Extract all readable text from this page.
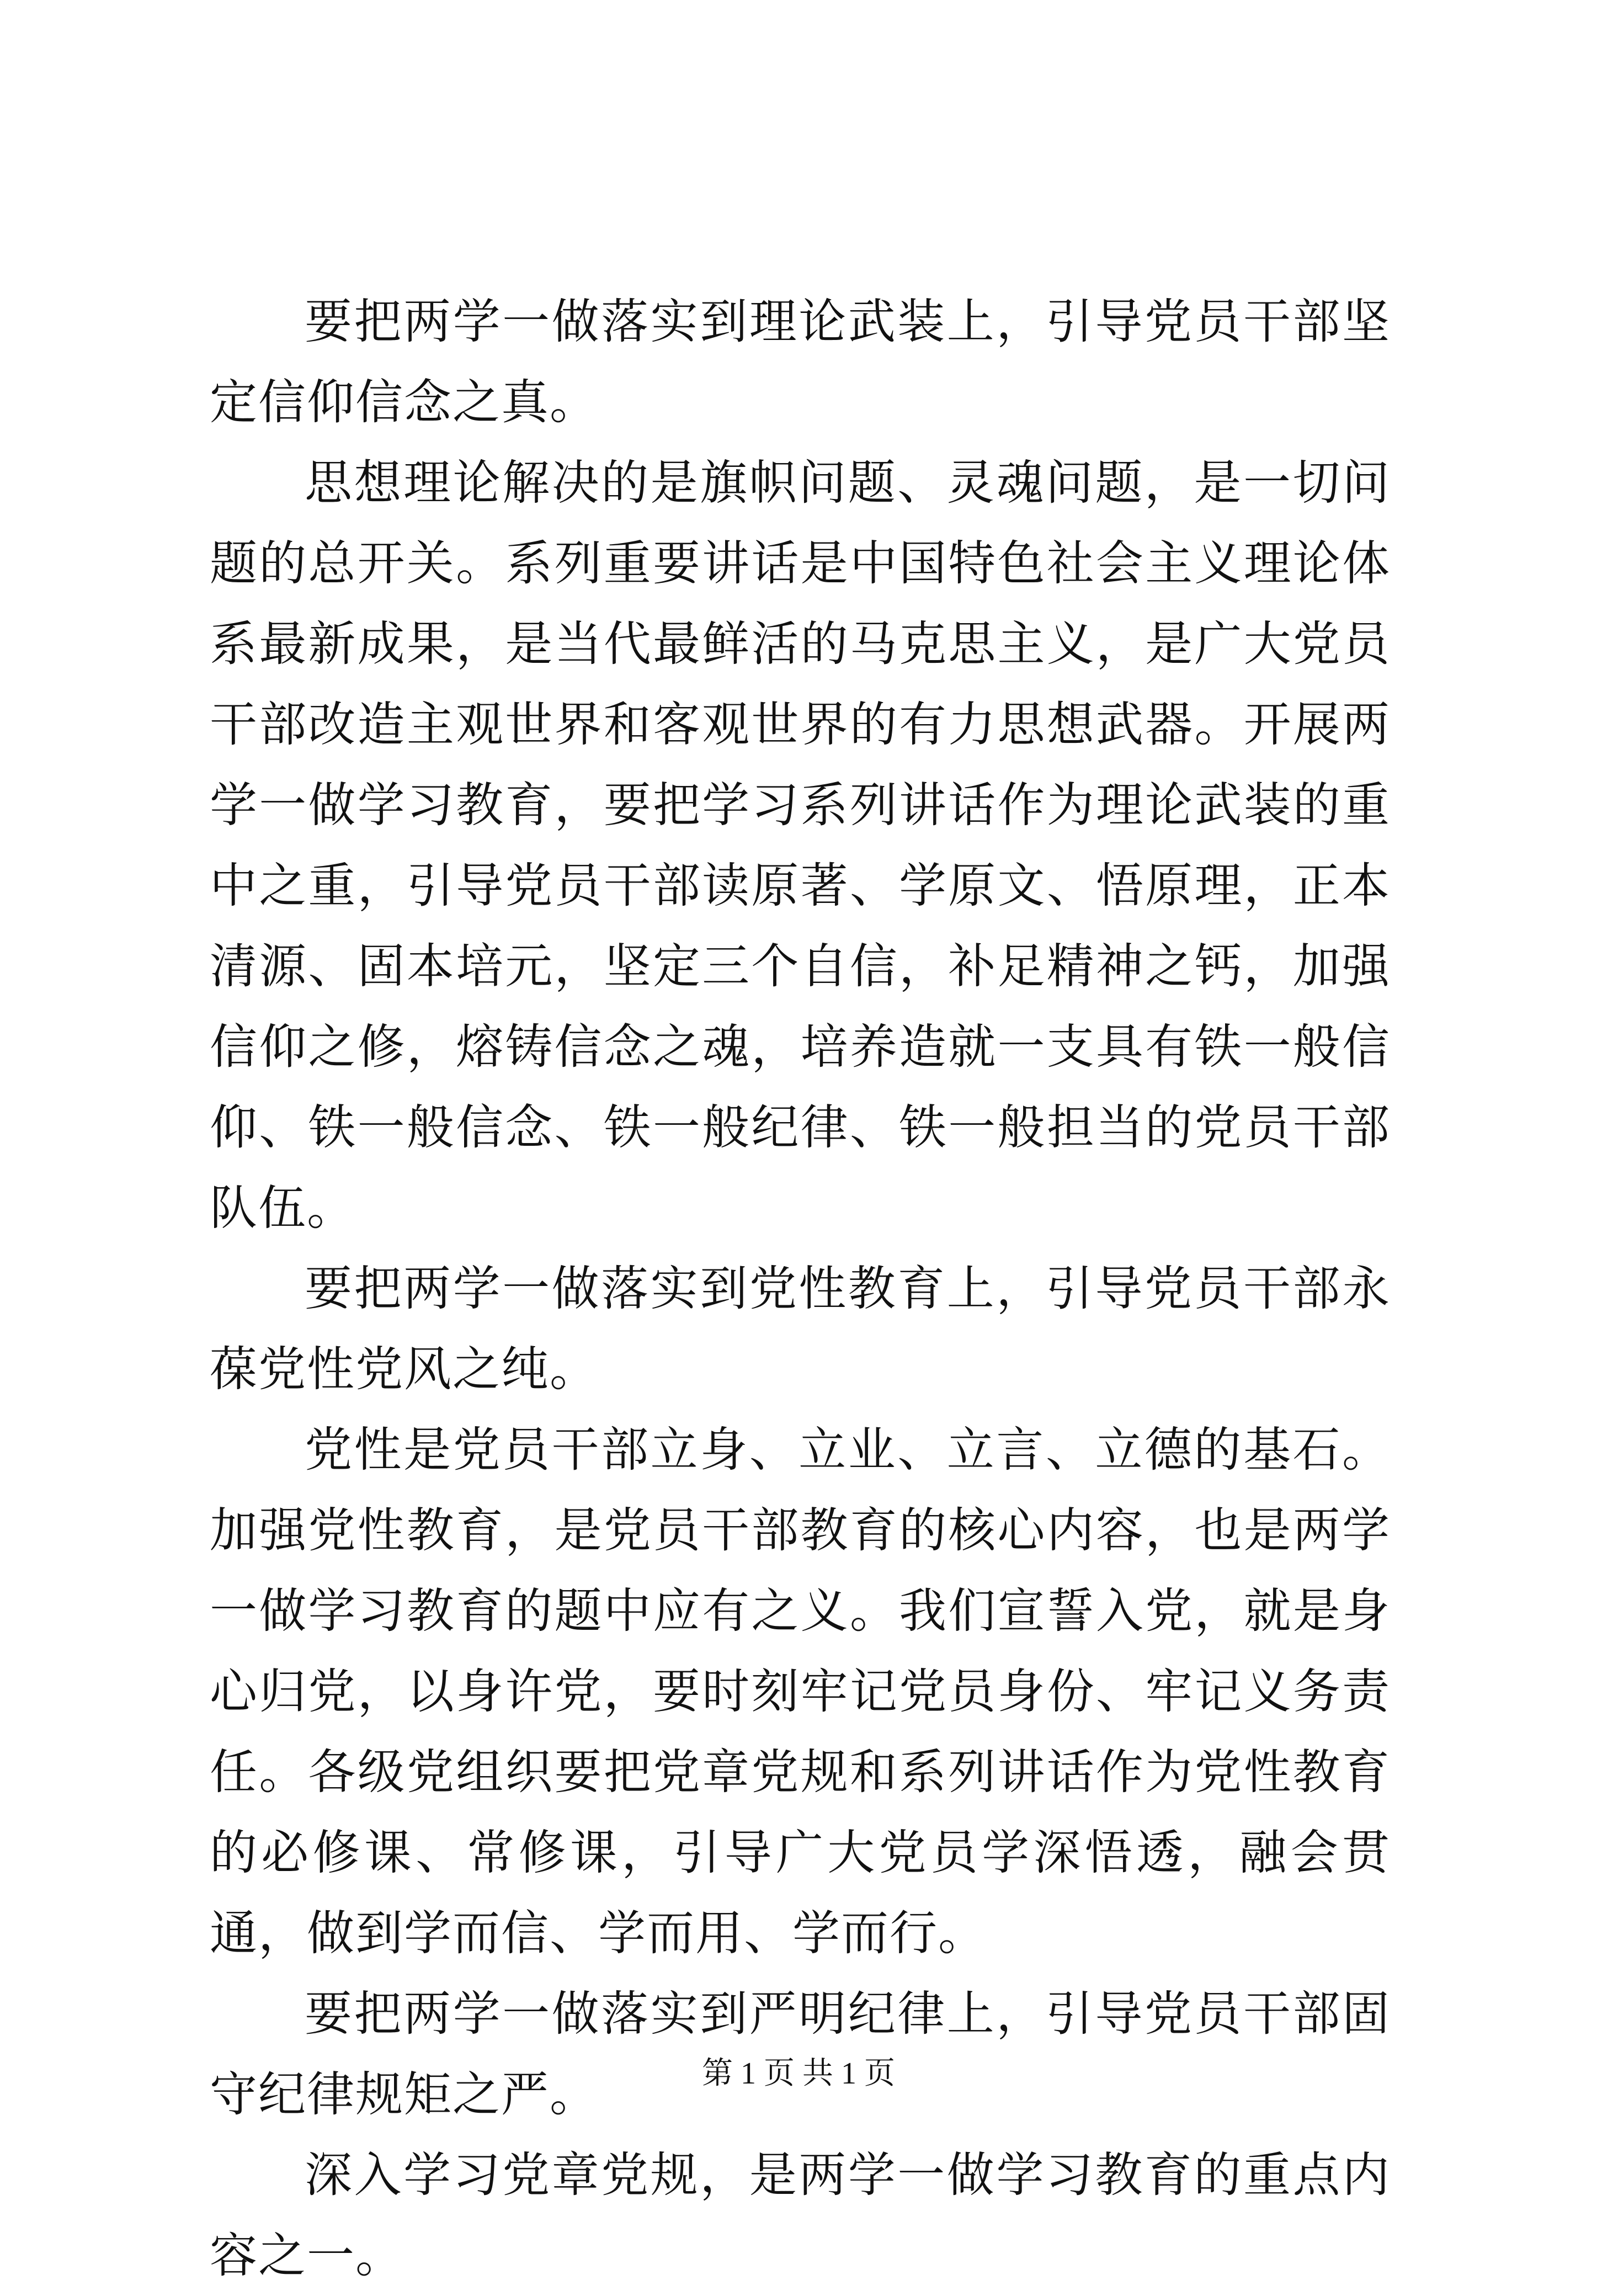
要把两学一做落实到理论武装上，引导党员干部坚定信仰信念之真。

思想理论解决的是旗帜问题、灵魂问题，是一切问题的总开关。系列重要讲话是中国特色社会主义理论体系最新成果，是当代最鲜活的马克思主义，是广大党员干部改造主观世界和客观世界的有力思想武器。开展两学一做学习教育，要把学习系列讲话作为理论武装的重中之重，引导党员干部读原著、学原文、悟原理，正本清源、固本培元，坚定三个自信，补足精神之钙，加强信仰之修，熔铸信念之魂，培养造就一支具有铁一般信仰、铁一般信念、铁一般纪律、铁一般担当的党员干部队伍。

要把两学一做落实到党性教育上，引导党员干部永葆党性党风之纯。

党性是党员干部立身、立业、立言、立德的基石。加强党性教育，是党员干部教育的核心内容，也是两学一做学习教育的题中应有之义。我们宣誓入党，就是身心归党，以身许党，要时刻牢记党员身份、牢记义务责任。各级党组织要把党章党规和系列讲话作为党性教育的必修课、常修课，引导广大党员学深悟透，融会贯通，做到学而信、学而用、学而行。

要把两学一做落实到严明纪律上，引导党员干部固守纪律规矩之严。

深入学习党章党规，是两学一做学习教育的重点内容之一。

第 1 页 共 1 页
